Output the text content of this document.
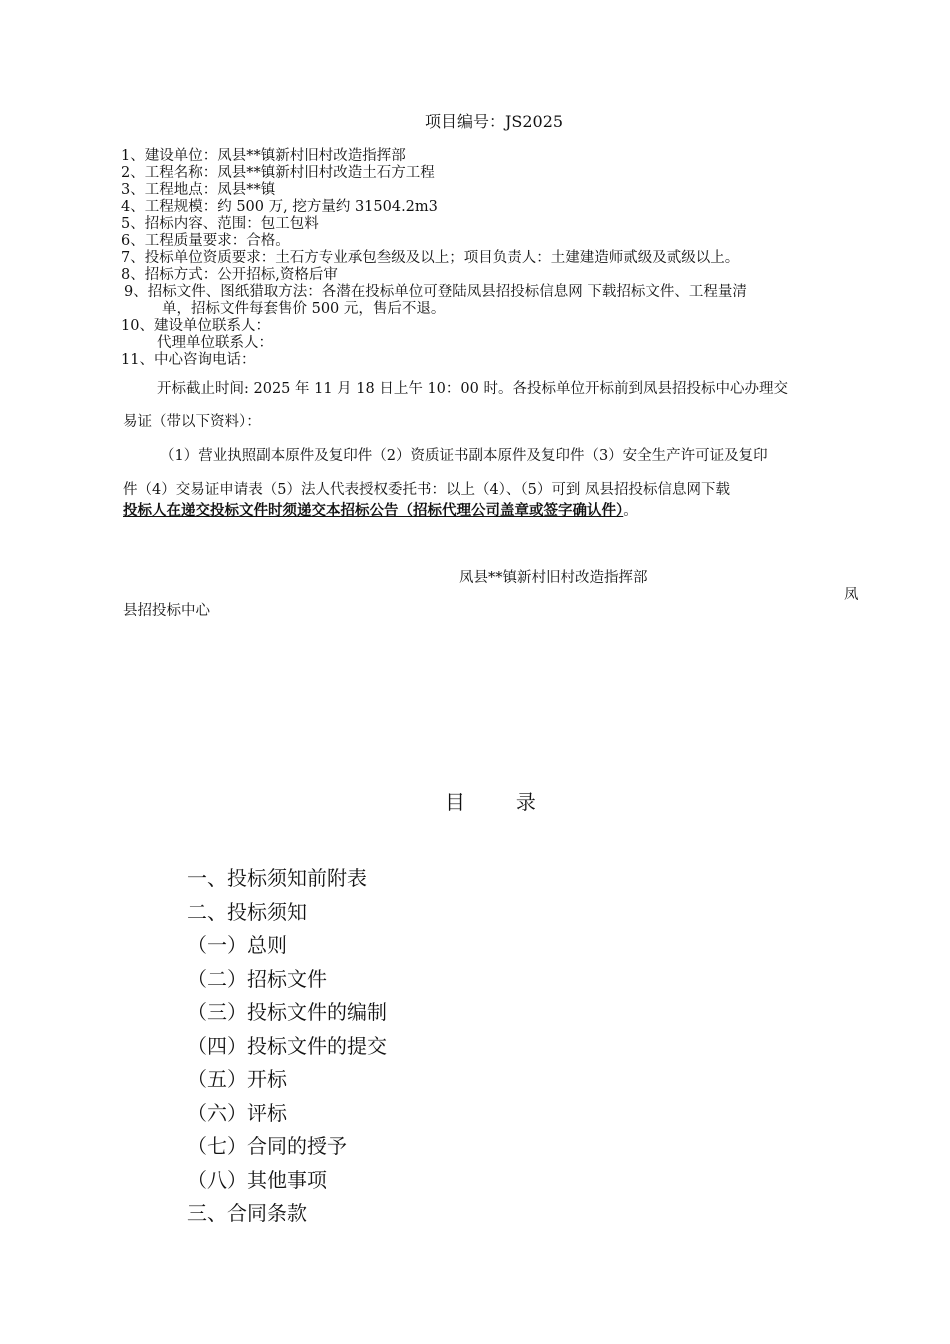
项目编号：JS2025
1、建设单位：凤县**镇新村旧村改造指挥部
2、工程名称：凤县**镇新村旧村改造土石方工程
3、工程地点：凤县**镇
4、工程规模：约 500 万, 挖方量约 31504.2m3
5、招标内容、范围：包工包料
6、工程质量要求：合格。
7、投标单位资质要求：土石方专业承包叁级及以上；项目负责人：土建建造师贰级及贰级以上。
8、招标方式：公开招标,资格后审
9、招标文件、图纸猎取方法：各潜在投标单位可登陆凤县招投标信息网 下载招标文件、工程量清
单，招标文件每套售价 500 元，售后不退。
10、建设单位联系人：
代理单位联系人：
11、中心咨询电话：
开标截止时间: 2025 年 11 月 18 日上午 10：00 时。各投标单位开标前到凤县招投标中心办理交
易证（带以下资料）：
（1）营业执照副本原件及复印件（2）资质证书副本原件及复印件（3）安全生产许可证及复印
件（4）交易证申请表（5）法人代表授权委托书：以上（4）、（5）可到 凤县招投标信息网下载
投标人在递交投标文件时须递交本招标公告（招标代理公司盖章或签字确认件）。
凤县**镇新村旧村改造指挥部
凤
县招投标中心
目        录
一、投标须知前附表
二、投标须知
（一）总则
（二）招标文件
（三）投标文件的编制
（四）投标文件的提交
（五）开标
（六）评标
（七）合同的授予
（八）其他事项
三、合同条款
